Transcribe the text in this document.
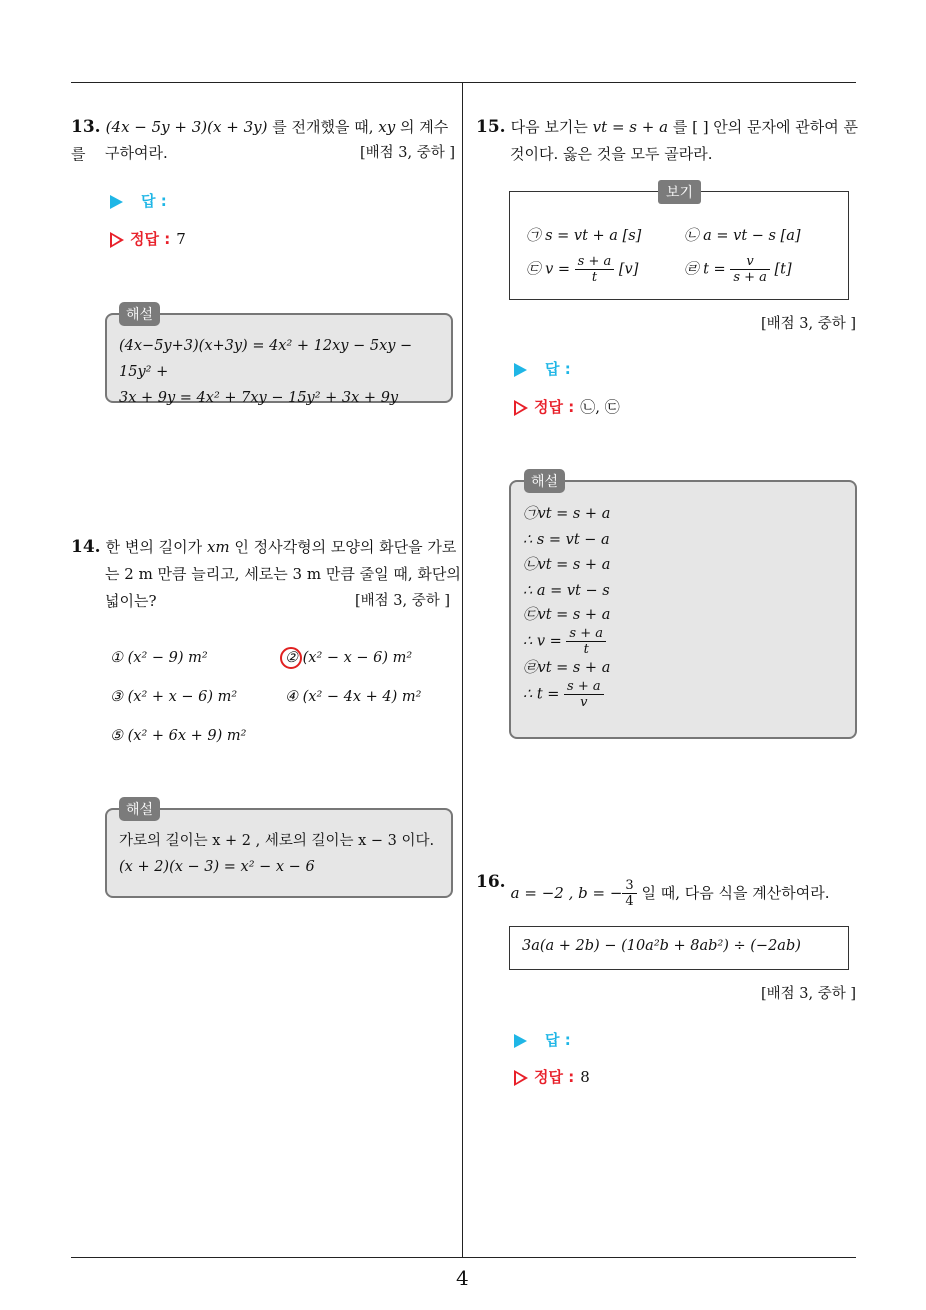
13. (4x − 5y + 3)(x + 3y) 를 전개했을 때, xy 의 계수를	구하여라.	[배점 3, 중하 ]
답 :
정답 : 7
(4x−5y+3)(x+3y) = 4x² + 12xy − 5xy − 15y² +
3x + 9y = 4x² + 7xy − 15y² + 3x + 9y
해설
14. 한 변의 길이가 xm 인 정사각형의 모양의 화단을 가로
는 2 m 만큼 늘리고, 세로는 3 m 만큼 줄일 때, 화단의
넓이는?	[배점 3, 중하 ]
① (x² − 9) m²	② (x² − x − 6) m²
③ (x² + x − 6) m²	④ (x² − 4x + 4) m²
⑤ (x² + 6x + 9) m²
가로의 길이는 x + 2 , 세로의 길이는 x − 3 이다.
(x + 2)(x − 3) = x² − x − 6
해설
15. 다음 보기는 vt = s + a 를 [ ] 안의 문자에 관하여 푼
것이다. 옳은 것을 모두 골라라.
㉠ s = vt + a [s]	㉡ a = vt − s [a]
㉢ $v = \frac{s + a}{t} [v]$	㉣ $t = \frac{v}{s + a} [t]$
보기
[배점 3, 중하 ]
답 :
정답 : ㉡, ㉢
㉠vt = s + a
∴ s = vt − a
㉡vt = s + a
∴ a = vt − s
㉢vt = s + a
∴ $v = \frac{s + a}{t}$
㉣vt = s + a
∴ $t = \frac{s + a}{v}$
해설
16. a = −2 , b = − $\frac{3}{4}$ 일 때, 다음 식을 계산하여라.
3a(a + 2b) − (10a²b + 8ab²) ÷ (−2ab)
[배점 3, 중하 ]
답 :
정답 : 8
4
